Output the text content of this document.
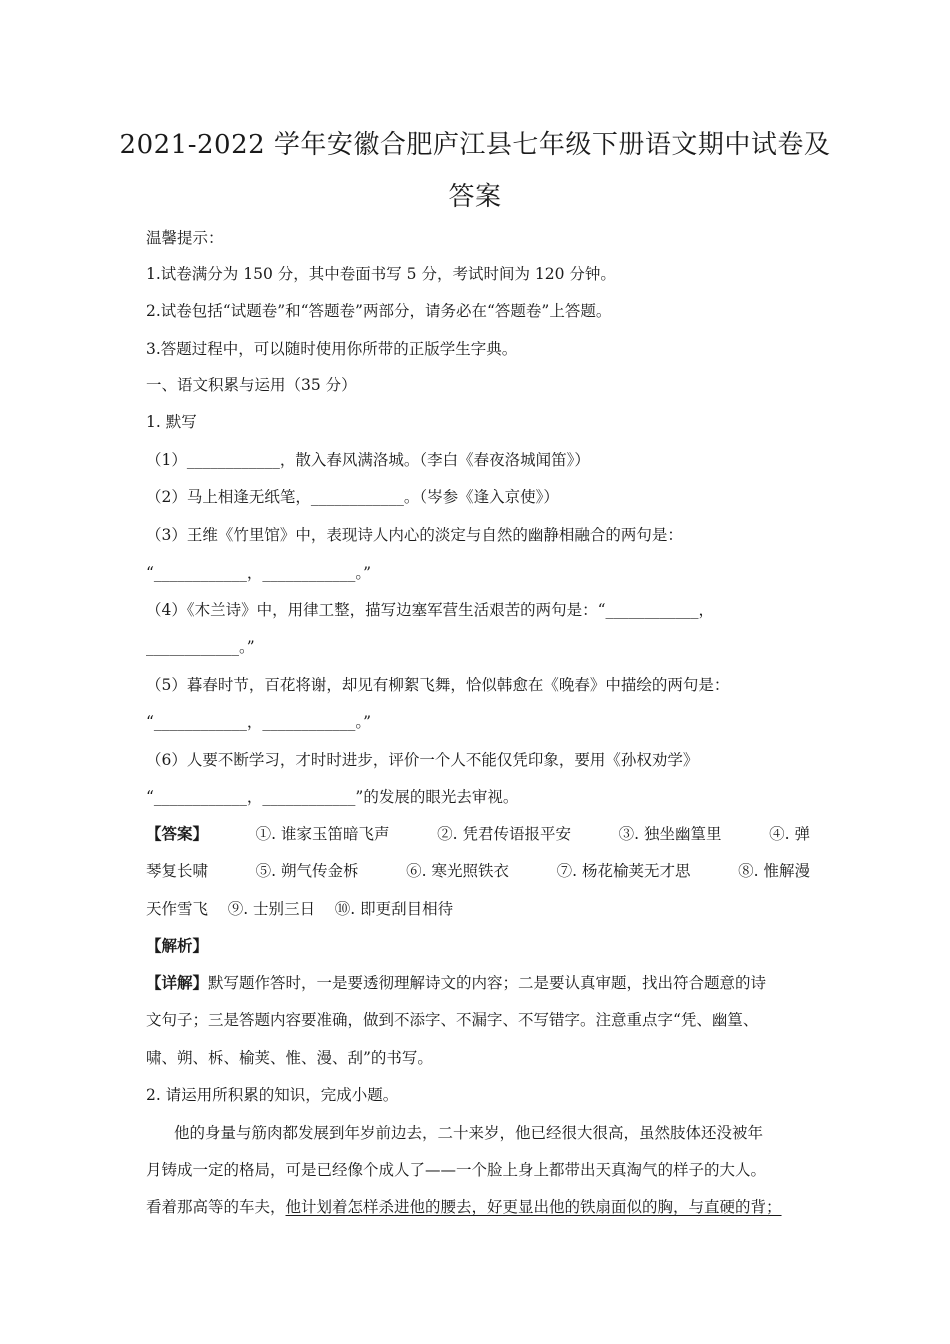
2021-2022 学年安徽合肥庐江县七年级下册语文期中试卷及
答案
温馨提示：
1.试卷满分为 150 分，其中卷面书写 5 分，考试时间为 120 分钟。
2.试卷包括“试题卷”和“答题卷”两部分，请务必在“答题卷”上答题。
3.答题过程中，可以随时使用你所带的正版学生字典。
一、语文积累与运用（35 分）
1. 默写
（1）____________，散入春风满洛城。（李白《春夜洛城闻笛》）
（2）马上相逢无纸笔，____________。（岑参《逢入京使》）
（3）王维《竹里馆》中，表现诗人内心的淡定与自然的幽静相融合的两句是：
“____________，____________。”
（4）《木兰诗》中，用律工整，描写边塞军营生活艰苦的两句是：“____________，
____________。”
（5）暮春时节，百花将谢，却见有柳絮飞舞，恰似韩愈在《晚春》中描绘的两句是：
“____________，____________。”
（6）人要不断学习，才时时进步，评价一个人不能仅凭印象，要用《孙权劝学》
“____________，____________”的发展的眼光去审视。
【答案】	①. 谁家玉笛暗飞声	②. 凭君传语报平安	③. 独坐幽篁里	④. 弹
琴复长啸	⑤. 朔气传金柝	⑥. 寒光照铁衣	⑦. 杨花榆荚无才思	⑧. 惟解漫
天作雪飞    ⑨. 士别三日    ⑩. 即更刮目相待
【解析】
【详解】默写题作答时，一是要透彻理解诗文的内容；二是要认真审题，找出符合题意的诗
文句子；三是答题内容要准确，做到不添字、不漏字、不写错字。注意重点字“凭、幽篁、
啸、朔、柝、榆荚、惟、漫、刮”的书写。
2. 请运用所积累的知识，完成小题。
他的身量与筋肉都发展到年岁前边去，二十来岁，他已经很大很高，虽然肢体还没被年
月铸成一定的格局，可是已经像个成人了——一个脸上身上都带出天真淘气的样子的大人。
看着那高等的车夫，他计划着怎样杀进他的腰去，好更显出他的铁扇面似的胸，与直硬的背；
